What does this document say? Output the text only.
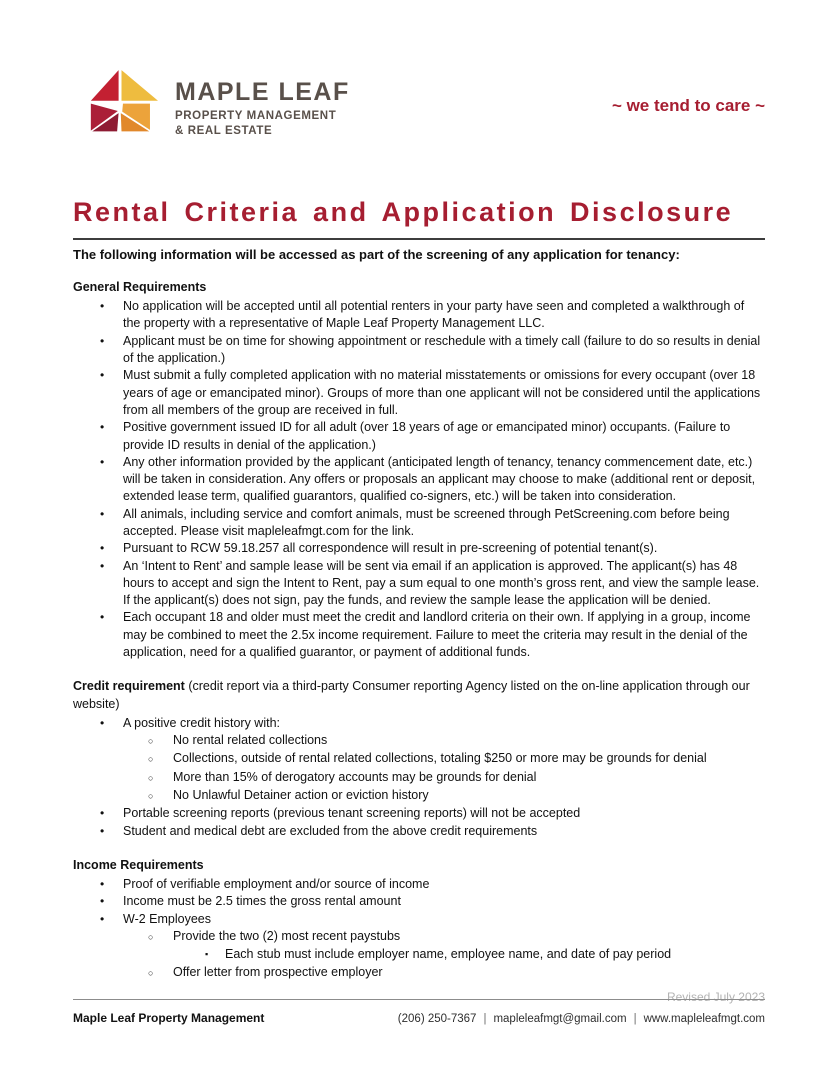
MAPLE LEAF
PROPERTY MANAGEMENT
& REAL ESTATE
~ we tend to care ~
Rental Criteria and Application Disclosure
The following information will be accessed as part of the screening of any application for tenancy:
General Requirements
•	No application will be accepted until all potential renters in your party have seen and completed a walkthrough of the property with a representative of Maple Leaf Property Management LLC.
•	Applicant must be on time for showing appointment or reschedule with a timely call (failure to do so results in denial of the application.)
•	Must submit a fully completed application with no material misstatements or omissions for every occupant (over 18 years of age or emancipated minor). Groups of more than one applicant will not be considered until the applications from all members of the group are received in full.
•	Positive government issued ID for all adult (over 18 years of age or emancipated minor) occupants. (Failure to provide ID results in denial of the application.)
•	Any other information provided by the applicant (anticipated length of tenancy, tenancy commencement date, etc.) will be taken in consideration. Any offers or proposals an applicant may choose to make (additional rent or deposit, extended lease term, qualified guarantors, qualified co-signers, etc.) will be taken into consideration.
•	All animals, including service and comfort animals, must be screened through PetScreening.com before being accepted. Please visit mapleleafmgt.com for the link.
•	Pursuant to RCW 59.18.257 all correspondence will result in pre-screening of potential tenant(s).
•	An ‘Intent to Rent’ and sample lease will be sent via email if an application is approved. The applicant(s) has 48 hours to accept and sign the Intent to Rent, pay a sum equal to one month’s gross rent, and view the sample lease. If the applicant(s) does not sign, pay the funds, and review the sample lease the application will be denied.
•	Each occupant 18 and older must meet the credit and landlord criteria on their own. If applying in a group, income may be combined to meet the 2.5x income requirement. Failure to meet the criteria may result in the denial of the application, need for a qualified guarantor, or payment of additional funds.
Credit requirement (credit report via a third-party Consumer reporting Agency listed on the on-line application through our website)
•	A positive credit history with:
○	No rental related collections
○	Collections, outside of rental related collections, totaling $250 or more may be grounds for denial
○	More than 15% of derogatory accounts may be grounds for denial
○	No Unlawful Detainer action or eviction history
•	Portable screening reports (previous tenant screening reports) will not be accepted
•	Student and medical debt are excluded from the above credit requirements
Income Requirements
•	Proof of verifiable employment and/or source of income
•	Income must be 2.5 times the gross rental amount
•	W-2 Employees
○	Provide the two (2) most recent paystubs
▪	Each stub must include employer name, employee name, and date of pay period
○	Offer letter from prospective employer
Revised July 2023
Maple Leaf Property Management	(206) 250-7367 | mapleleafmgt@gmail.com | www.mapleleafmgt.com
